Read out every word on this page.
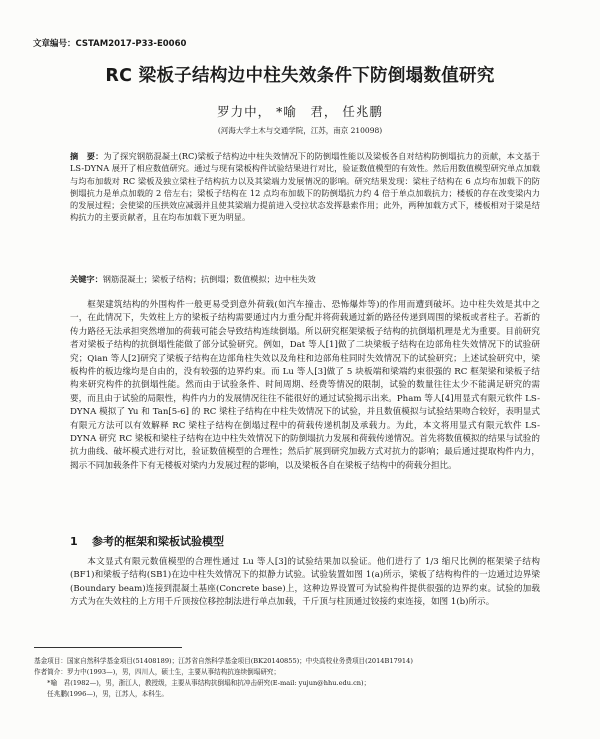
文章编号：CSTAM2017-P33-E0060
RC 梁板子结构边中柱失效条件下防倒塌数值研究
罗力中， *喻　君， 任兆鹏
(河海大学土木与交通学院，江苏，南京 210098)
摘　要：为了探究钢筋混凝土(RC)梁板子结构边中柱失效情况下的防倒塌性能以及梁板各自对结构防倒塌抗力的贡献，本文基于 LS-DYNA 展开了相应数值研究。通过与现有梁板构件试验结果进行对比，验证数值模型的有效性。然后用数值模型研究单点加载与均布加载对 RC 梁板及独立梁柱子结构抗力以及其梁端力发展情况的影响。研究结果发现：梁柱子结构在 6 点均布加载下的防倒塌抗力是单点加载的 2 倍左右；梁板子结构在 12 点均布加载下的防倒塌抗力约 4 倍于单点加载抗力；楼板的存在改变梁内力的发展过程；会使梁的压拱效应减弱并且使其梁端力提前进入受拉状态发挥悬索作用；此外，两种加载方式下，楼板相对于梁是结构抗力的主要贡献者，且在均布加载下更为明显。
关键字：钢筋混凝土；梁板子结构；抗倒塌；数值模拟；边中柱失效

框架建筑结构的外围构件一般更易受到意外荷载(如汽车撞击、恐怖爆炸等)的作用而遭到破坏。边中柱失效是其中之一，在此情况下，失效柱上方的梁板子结构需要通过内力重分配并将荷载通过新的路径传递到周围的梁板或者柱子。若新的传力路径无法承担突然增加的荷载可能会导致结构连续倒塌。所以研究框架梁板子结构的抗倒塌机理是尤为重要。目前研究者对梁板子结构的抗倒塌性能做了部分试验研究。例如，Dat 等人[1]做了二块梁板子结构在边部角柱失效情况下的试验研究；Qian 等人[2]研究了梁板子结构在边部角柱失效以及角柱和边部角柱同时失效情况下的试验研究；上述试验研究中，梁板构件的板边缘均是自由的，没有较强的边界约束。而 Lu 等人[3]做了 5 块板端和梁端约束很强的 RC 框架梁和梁板子结构来研究构件的抗倒塌性能。然而由于试验条件、时间周期、经费等情况的限制，试验的数量往往太少不能满足研究的需要，而且由于试验的局限性，构件内力的发展情况往往不能很好的通过试验揭示出来。Pham 等人[4]用显式有限元软件 LS-DYNA 模拟了 Yu 和 Tan[5-6] 的 RC 梁柱子结构在中柱失效情况下的试验，并且数值模拟与试验结果吻合较好，表明显式有限元方法可以有效解释 RC 梁柱子结构在倒塌过程中的荷载传递机制及承载力。为此，本文将用显式有限元软件 LS-DYNA 研究 RC 梁板和梁柱子结构在边中柱失效情况下的防倒塌抗力发展和荷载传递情况。首先将数值模拟的结果与试验的抗力曲线、破坏模式进行对比，验证数值模型的合理性；然后扩展到研究加载方式对抗力的影响；最后通过提取构件内力，揭示不同加载条件下有无楼板对梁内力发展过程的影响，以及梁板各自在梁板子结构中的荷载分担比。

1 参考的框架和梁板试验模型

本文显式有限元数值模型的合理性通过 Lu 等人[3]的试验结果加以验证。他们进行了 1/3 缩尺比例的框架梁子结构(BF1)和梁板子结构(SB1)在边中柱失效情况下的拟静力试验。试验装置如图 1(a)所示，梁板了结构构件的一边通过边界梁(Boundary beam)连接到混凝土基座(Concrete base)上，这种边界设置可为试验构件提供很强的边界约束。试验的加载方式为在失效柱的上方用千斤顶按位移控制法进行单点加载，千斤顶与柱顶通过铰接约束连接，如图 1(b)所示。

基金项目：国家自然科学基金项目(51408189)；江苏省自然科学基金项目(BK20140855)；中央高校业务费项目(2014B17914)
作者简介：罗力中(1993—)，男，四川人，硕士生，主要从事结构抗连续倒塌研究；
　　*喻　君(1982—)，男，浙江人，教授级，主要从事结构抗倒塌和抗冲击研究(E-mail: yujun@hhu.edu.cn)；
　　任兆鹏(1996—)，男，江苏人，本科生。
